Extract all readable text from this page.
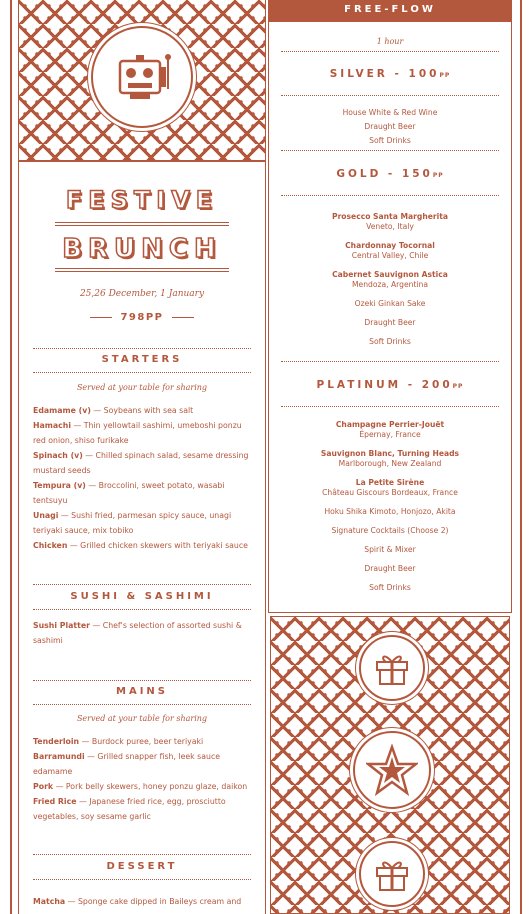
FESTIVE
BRUNCH
25,26 December, 1 January
798PP
STARTERS
Served at your table for sharing
Edamame (v) — Soybeans with sea salt
Hamachi — Thin yellowtail sashimi, umeboshi ponzu red onion, shiso furikake
Spinach (v) — Chilled spinach salad, sesame dressing mustard seeds
Tempura (v) — Broccolini, sweet potato, wasabi tentsuyu
Unagi — Sushi fried, parmesan spicy sauce, unagi teriyaki sauce, mix tobiko
Chicken — Grilled chicken skewers with teriyaki sauce
SUSHI & SASHIMI
Sushi Platter — Chef's selection of assorted sushi & sashimi
MAINS
Served at your table for sharing
Tenderloin — Burdock puree, beer teriyaki
Barramundi — Grilled snapper fish, leek sauce edamame
Pork — Pork belly skewers, honey ponzu glaze, daikon
Fried Rice — Japanese fried rice, egg, prosciutto vegetables, soy sesame garlic
DESSERT
Matcha — Sponge cake dipped in Baileys cream and
FREE-FLOW
1 hour
SILVER - 100PP
House White & Red Wine
Draught Beer
Soft Drinks
GOLD - 150PP
Prosecco Santa Margherita
Veneto, Italy
Chardonnay Tocornal
Central Valley, Chile
Cabernet Sauvignon Astica
Mendoza, Argentina
Ozeki Ginkan Sake
Draught Beer
Soft Drinks
PLATINUM - 200PP
Champagne Perrier-Jouët
Épernay, France
Sauvignon Blanc, Turning Heads
Marlborough, New Zealand
La Petite Sirène
Château Giscours Bordeaux, France
Hoku Shika Kimoto, Honjozo, Akita
Signature Cocktails (Choose 2)
Spirit & Mixer
Draught Beer
Soft Drinks
